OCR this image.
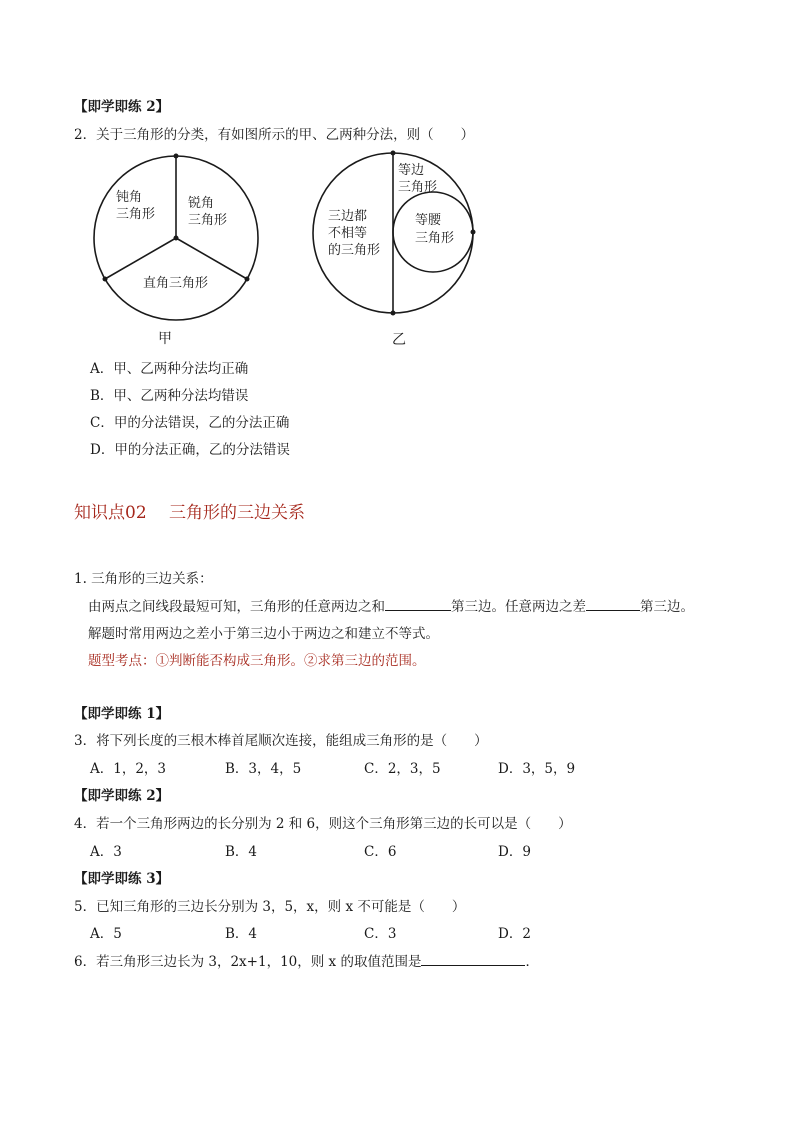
【即学即练 2】
2．关于三角形的分类，有如图所示的甲、乙两种分法，则（　　）
钝角
三角形
锐角
三角形
直角三角形
甲
三边都
不相等
的三角形
等边
三角形
等腰
三角形
乙
A．甲、乙两种分法均正确
B．甲、乙两种分法均错误
C．甲的分法错误，乙的分法正确
D．甲的分法正确，乙的分法错误
知识点02　 三角形的三边关系
1. 三角形的三边关系：
由两点之间线段最短可知，三角形的任意两边之和	第三边。任意两边之差	第三边。
解题时常用两边之差小于第三边小于两边之和建立不等式。
题型考点：①判断能否构成三角形。②求第三边的范围。
【即学即练 1】
3．将下列长度的三根木棒首尾顺次连接，能组成三角形的是（　　）
A．1，2，3	B．3，4，5	C．2，3，5	D．3，5，9
【即学即练 2】
4．若一个三角形两边的长分别为 2 和 6，则这个三角形第三边的长可以是（　　）
A．3	B．4	C．6	D．9
【即学即练 3】
5．已知三角形的三边长分别为 3，5，x，则 x 不可能是（　　）
A．5	B．4	C．3	D．2
6．若三角形三边长为 3，2x+1，10，则 x 的取值范围是	．
